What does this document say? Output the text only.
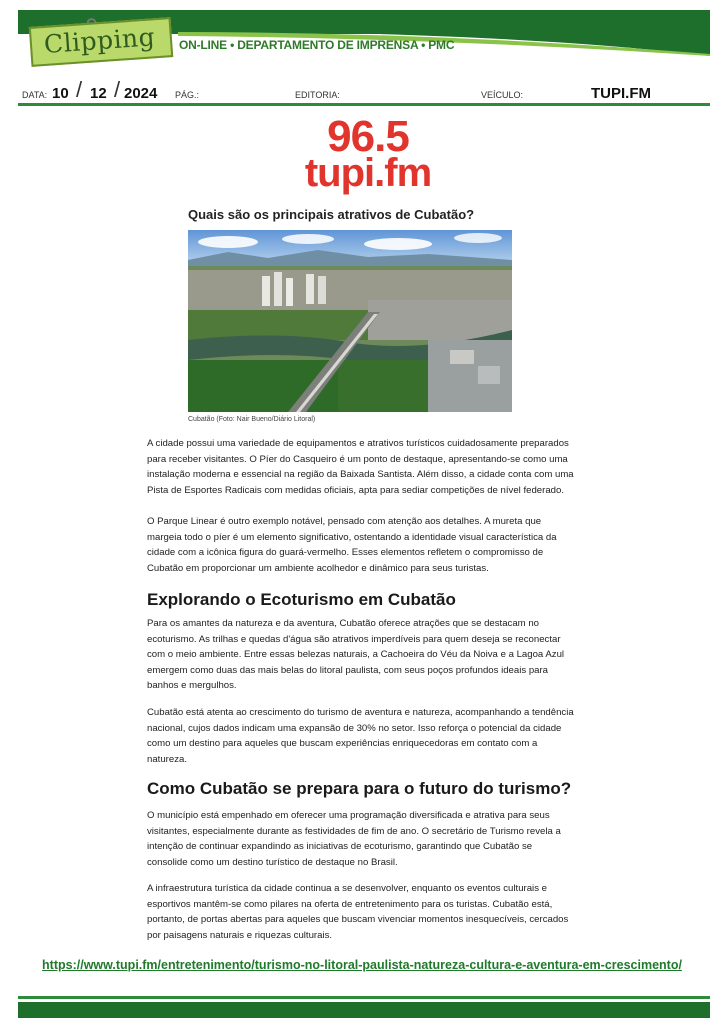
Clipping ON-LINE • DEPARTAMENTO DE IMPRENSA • PMC
DATA: 10 / 12 / 2024 PÁG.:	EDITORIA:	VEÍCULO:	TUPI.FM
96.5
tupi.fm
Quais são os principais atrativos de Cubatão?
Cubatão (Foto: Nair Bueno/Diário Litoral)

A cidade possui uma variedade de equipamentos e atrativos turísticos cuidadosamente preparados para receber visitantes. O Píer do Casqueiro é um ponto de destaque, apresentando-se como uma instalação moderna e essencial na região da Baixada Santista. Além disso, a cidade conta com uma Pista de Esportes Radicais com medidas oficiais, apta para sediar competições de nível federado.

O Parque Linear é outro exemplo notável, pensado com atenção aos detalhes. A mureta que margeia todo o píer é um elemento significativo, ostentando a identidade visual característica da cidade com a icônica figura do guará-vermelho. Esses elementos refletem o compromisso de Cubatão em proporcionar um ambiente acolhedor e dinâmico para seus turistas.

Explorando o Ecoturismo em Cubatão

Para os amantes da natureza e da aventura, Cubatão oferece atrações que se destacam no ecoturismo. As trilhas e quedas d'água são atrativos imperdíveis para quem deseja se reconectar com o meio ambiente. Entre essas belezas naturais, a Cachoeira do Véu da Noiva e a Lagoa Azul emergem como duas das mais belas do litoral paulista, com seus poços profundos ideais para banhos e mergulhos.

Cubatão está atenta ao crescimento do turismo de aventura e natureza, acompanhando a tendência nacional, cujos dados indicam uma expansão de 30% no setor. Isso reforça o potencial da cidade como um destino para aqueles que buscam experiências enriquecedoras em contato com a natureza.

Como Cubatão se prepara para o futuro do turismo?

O município está empenhado em oferecer uma programação diversificada e atrativa para seus visitantes, especialmente durante as festividades de fim de ano. O secretário de Turismo revela a intenção de continuar expandindo as iniciativas de ecoturismo, garantindo que Cubatão se consolide como um destino turístico de destaque no Brasil.

A infraestrutura turística da cidade continua a se desenvolver, enquanto os eventos culturais e esportivos mantêm-se como pilares na oferta de entretenimento para os turistas. Cubatão está, portanto, de portas abertas para aqueles que buscam vivenciar momentos inesquecíveis, cercados por paisagens naturais e riquezas culturais.

https://www.tupi.fm/entretenimento/turismo-no-litoral-paulista-natureza-cultura-e-aventura-em-crescimento/
